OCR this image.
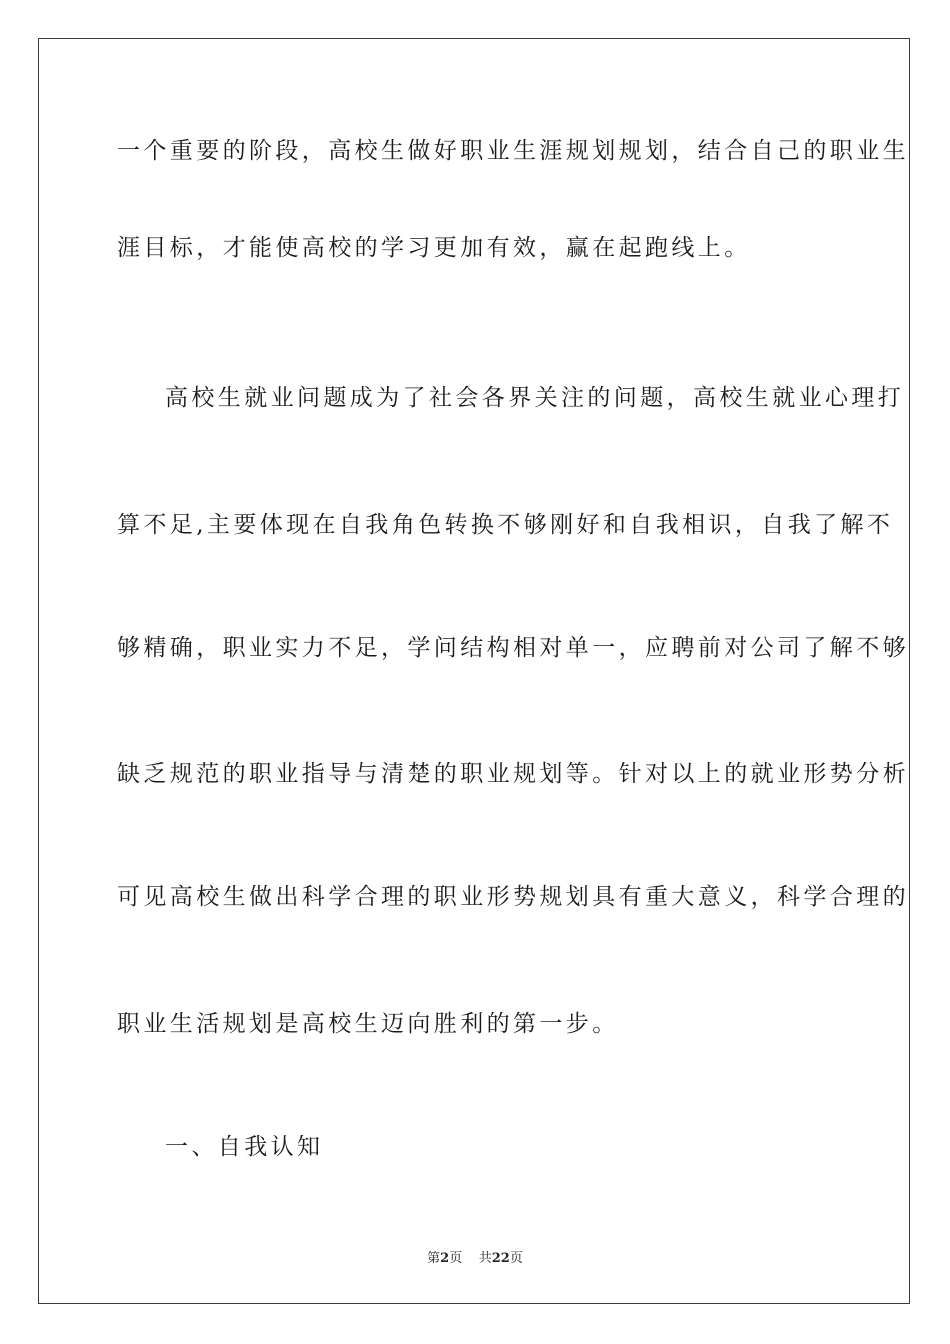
一个重要的阶段，高校生做好职业生涯规划规划，结合自己的职业生
涯目标，才能使高校的学习更加有效，赢在起跑线上。
高校生就业问题成为了社会各界关注的问题，高校生就业心理打
算不足,主要体现在自我角色转换不够刚好和自我相识，自我了解不
够精确，职业实力不足，学问结构相对单一，应聘前对公司了解不够
缺乏规范的职业指导与清楚的职业规划等。针对以上的就业形势分析
可见高校生做出科学合理的职业形势规划具有重大意义，科学合理的
职业生活规划是高校生迈向胜利的第一步。
一、自我认知
第2页 共22页
